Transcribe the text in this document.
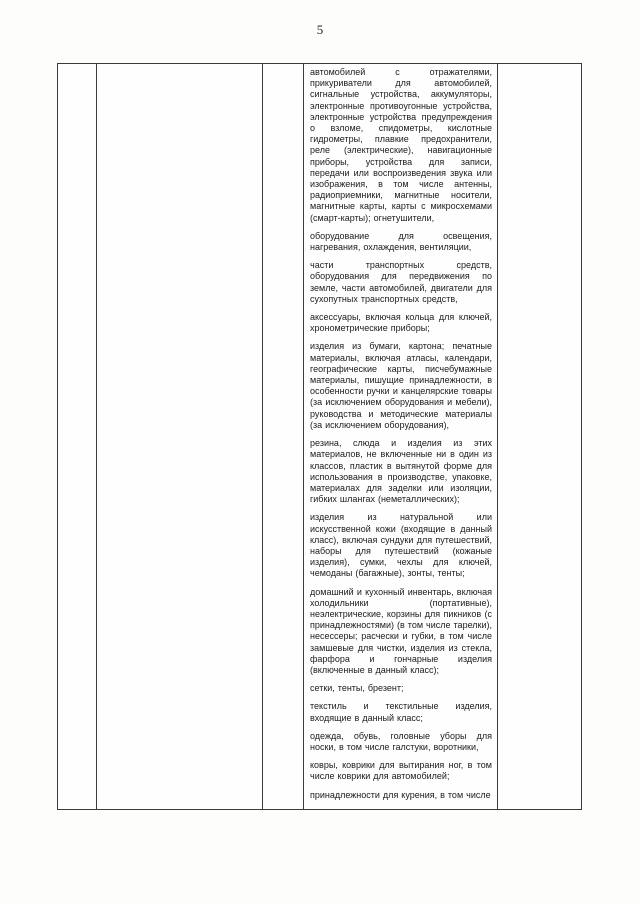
5

автомобилей с отражателями, прикуриватели для автомобилей, сигнальные устройства, аккумуляторы, электронные противоугонные устройства, электронные устройства предупреждения о взломе, спидометры, кислотные гидрометры, плавкие предохранители, реле (электрические), навигационные приборы, устройства для записи, передачи или воспроизведения звука или изображения, в том числе антенны, радиоприемники, магнитные носители, магнитные карты, карты с микросхемами (смарт-карты); огнетушители,

оборудование для освещения, нагревания, охлаждения, вентиляции,

части транспортных средств, оборудования для передвижения по земле, части автомобилей, двигатели для сухопутных транспортных средств,

аксессуары, включая кольца для ключей, хронометрические приборы;

изделия из бумаги, картона; печатные материалы, включая атласы, календари, географические карты, писчебумажные материалы, пишущие принадлежности, в особенности ручки и канцелярские товары (за исключением оборудования и мебели), руководства и методические материалы (за исключением оборудования),

резина, слюда и изделия из этих материалов, не включенные ни в один из классов, пластик в вытянутой форме для использования в производстве, упаковке, материалах для заделки или изоляции, гибких шлангах (неметаллических);

изделия из натуральной или искусственной кожи (входящие в данный класс), включая сундуки для путешествий, наборы для путешествий (кожаные изделия), сумки, чехлы для ключей, чемоданы (багажные), зонты, тенты;

домашний и кухонный инвентарь, включая холодильники (портативные), неэлектрические, корзины для пикников (с принадлежностями) (в том числе тарелки), несессеры; расчески и губки, в том числе замшевые для чистки, изделия из стекла, фарфора и гончарные изделия (включенные в данный класс);

сетки, тенты, брезент;

текстиль и текстильные изделия, входящие в данный класс;

одежда, обувь, головные уборы для носки, в том числе галстуки, воротники,

ковры, коврики для вытирания ног, в том числе коврики для автомобилей;

принадлежности для курения, в том числе
